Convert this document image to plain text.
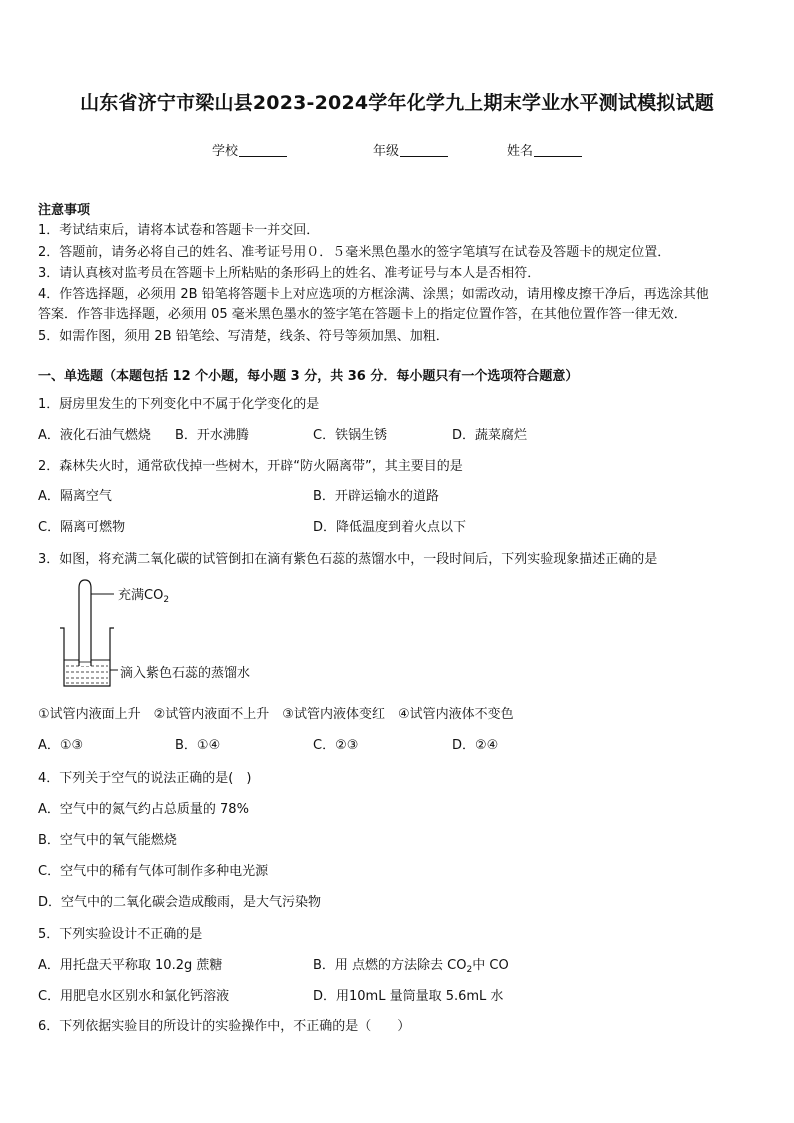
山东省济宁市梁山县2023-2024学年化学九上期末学业水平测试模拟试题
学校	年级	姓名
注意事项
1．考试结束后，请将本试卷和答题卡一并交回．
2．答题前，请务必将自己的姓名、准考证号用０．５毫米黑色墨水的签字笔填写在试卷及答题卡的规定位置．
3．请认真核对监考员在答题卡上所粘贴的条形码上的姓名、准考证号与本人是否相符．
4．作答选择题，必须用 2B 铅笔将答题卡上对应选项的方框涂满、涂黑；如需改动，请用橡皮擦干净后，再选涂其他
答案．作答非选择题，必须用 05 毫米黑色墨水的签字笔在答题卡上的指定位置作答，在其他位置作答一律无效．
5．如需作图，须用 2B 铅笔绘、写清楚，线条、符号等须加黑、加粗．
一、单选题（本题包括 12 个小题，每小题 3 分，共 36 分．每小题只有一个选项符合题意）
1．厨房里发生的下列变化中不属于化学变化的是
A．液化石油气燃烧 B．开水沸腾	C．铁锅生锈	D．蔬菜腐烂
2．森林失火时，通常砍伐掉一些树木，开辟“防火隔离带”，其主要目的是
A．隔离空气	B．开辟运输水的道路
C．隔离可燃物	D．降低温度到着火点以下
3．如图，将充满二氧化碳的试管倒扣在滴有紫色石蕊的蒸馏水中，一段时间后，下列实验现象描述正确的是
充满$CO_2$
滴入紫色石蕊的蒸馏水
①试管内液面上升　②试管内液面不上升　③试管内液体变红　④试管内液体不变色
A．①③	B．①④	C．②③	D．②④
4．下列关于空气的说法正确的是(　)
A．空气中的氮气约占总质量的 78%
B．空气中的氧气能燃烧
C．空气中的稀有气体可制作多种电光源
D．空气中的二氧化碳会造成酸雨，是大气污染物
5．下列实验设计不正确的是
A．用托盘天平称取 10.2g 蔗糖	B．用 点燃的方法除去 $CO_2$中 CO
C．用肥皂水区别水和氯化钙溶液	D．用10mL 量筒量取 5.6mL 水
6．下列依据实验目的所设计的实验操作中，不正确的是（　　）
